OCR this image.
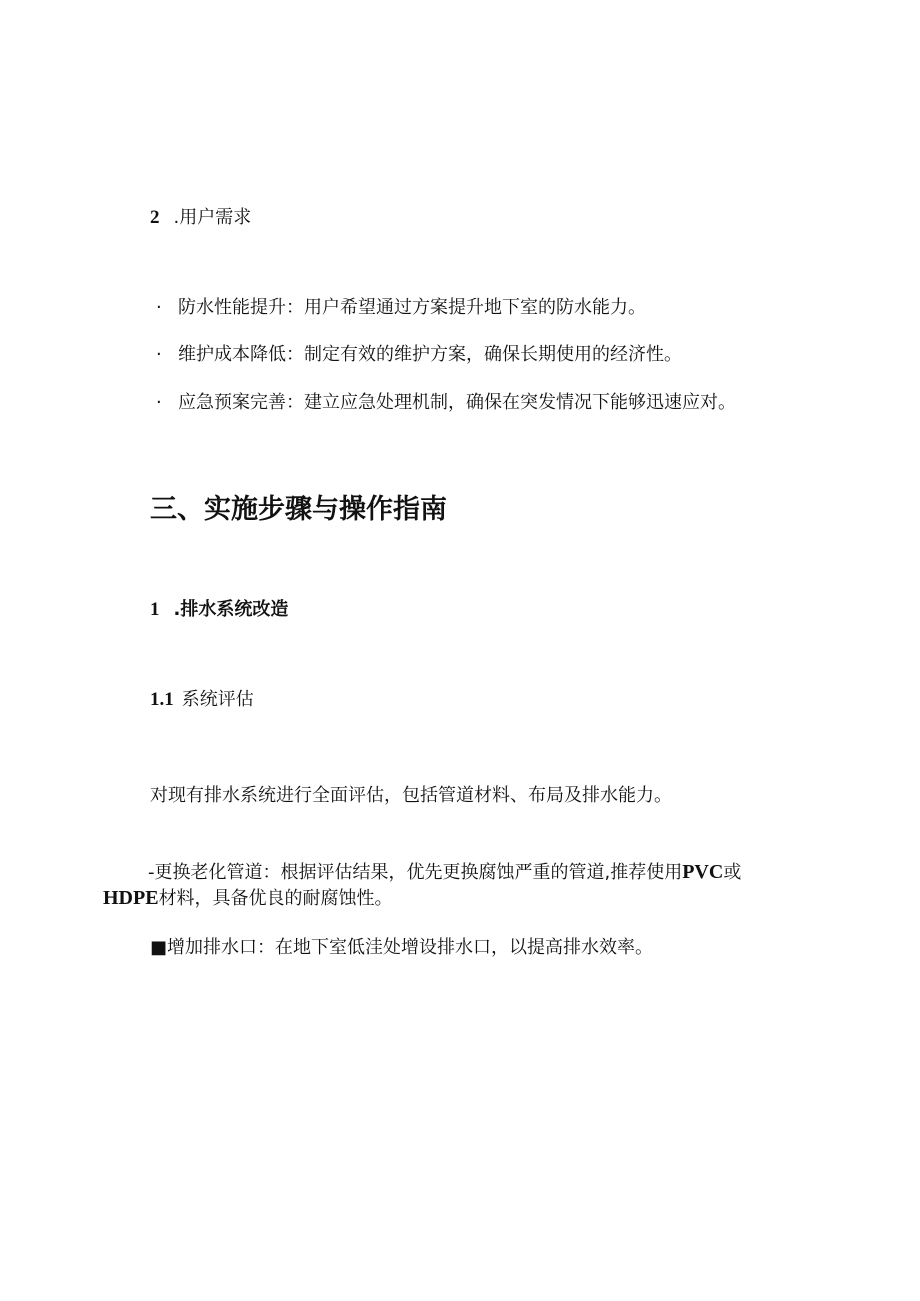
2 .用户需求
· 防水性能提升：用户希望通过方案提升地下室的防水能力。
· 维护成本降低：制定有效的维护方案，确保长期使用的经济性。
· 应急预案完善：建立应急处理机制，确保在突发情况下能够迅速应对。
三、实施步骤与操作指南
1 .排水系统改造
1.1 系统评估
对现有排水系统进行全面评估，包括管道材料、布局及排水能力。
-更换老化管道：根据评估结果，优先更换腐蚀严重的管道,推荐使用PVC或
HDPE材料，具备优良的耐腐蚀性。
■增加排水口：在地下室低洼处增设排水口，以提高排水效率。
